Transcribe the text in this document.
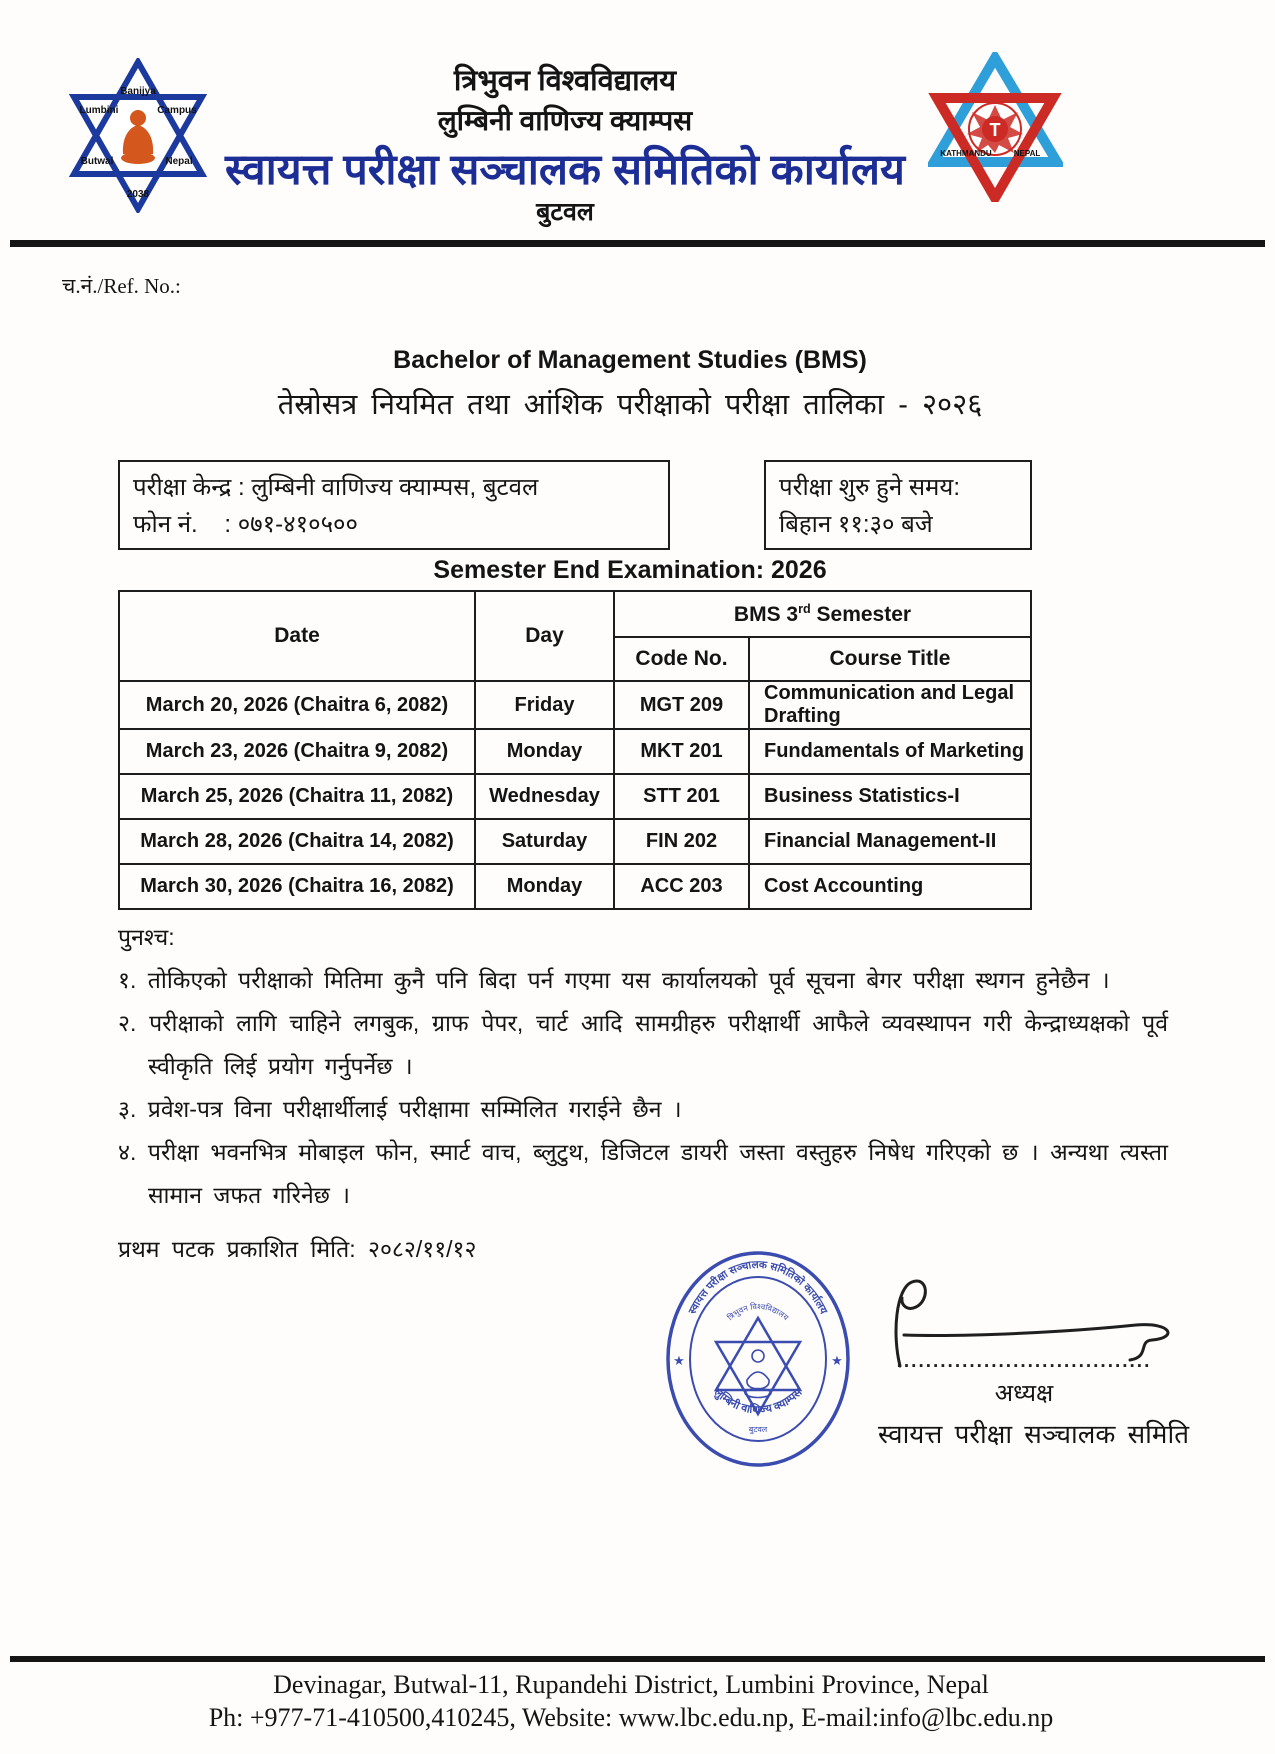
Banijya
Lumbini	Campus
Butwal	Nepal
2038
T
KATHMANDU	NEPAL
त्रिभुवन विश्वविद्यालय
लुम्बिनी वाणिज्य क्याम्पस
स्वायत्त परीक्षा सञ्चालक समितिको कार्यालय
बुटवल
च.नं./Ref. No.:
Bachelor of Management Studies (BMS)
तेस्रोसत्र नियमित तथा आंशिक परीक्षाको परीक्षा तालिका - २०२६
परीक्षा केन्द्र : लुम्बिनी वाणिज्य क्याम्पस, बुटवल
फोन नं.    : ०७१-४१०५००
परीक्षा शुरु हुने समय:
बिहान ११:३० बजे
Semester End Examination: 2026
Date	Day	BMS 3rd Semester	
		Code No.	Course Title
March 20, 2026 (Chaitra 6, 2082)	Friday	MGT 209	Communication and Legal Drafting
March 23, 2026 (Chaitra 9, 2082)	Monday	MKT 201	Fundamentals of Marketing
March 25, 2026 (Chaitra 11, 2082)	Wednesday	STT 201	Business Statistics-I
March 28, 2026 (Chaitra 14, 2082)	Saturday	FIN 202	Financial Management-II
March 30, 2026 (Chaitra 16, 2082)	Monday	ACC 203	Cost Accounting
पुनश्च:
१. तोकिएको परीक्षाको मितिमा कुनै पनि बिदा पर्न गएमा यस कार्यालयको पूर्व सूचना बेगर परीक्षा स्थगन हुनेछैन ।
२. परीक्षाको लागि चाहिने लगबुक, ग्राफ पेपर, चार्ट आदि सामग्रीहरु परीक्षार्थी आफैले व्यवस्थापन गरी केन्द्राध्यक्षको पूर्व स्वीकृति लिई प्रयोग गर्नुपर्नेछ ।
३. प्रवेश-पत्र विना परीक्षार्थीलाई परीक्षामा सम्मिलित गराईने छैन ।
४. परीक्षा भवनभित्र मोबाइल फोन, स्मार्ट वाच, ब्लुटुथ, डिजिटल डायरी जस्ता वस्तुहरु निषेध गरिएको छ । अन्यथा त्यस्ता सामान जफत गरिनेछ ।
प्रथम पटक प्रकाशित मिति: २०८२/११/१२
स्वायत्त परीक्षा सञ्चालक समितिको कार्यालय
लुम्बिनी वाणिज्य क्याम्पस
त्रिभुवन विश्वविद्यालय
★	★
बुटवल
...................................
अध्यक्ष
स्वायत्त परीक्षा सञ्चालक समिति
Devinagar, Butwal-11, Rupandehi District, Lumbini Province, Nepal
Ph: +977-71-410500,410245, Website: www.lbc.edu.np, E-mail:info@lbc.edu.np
